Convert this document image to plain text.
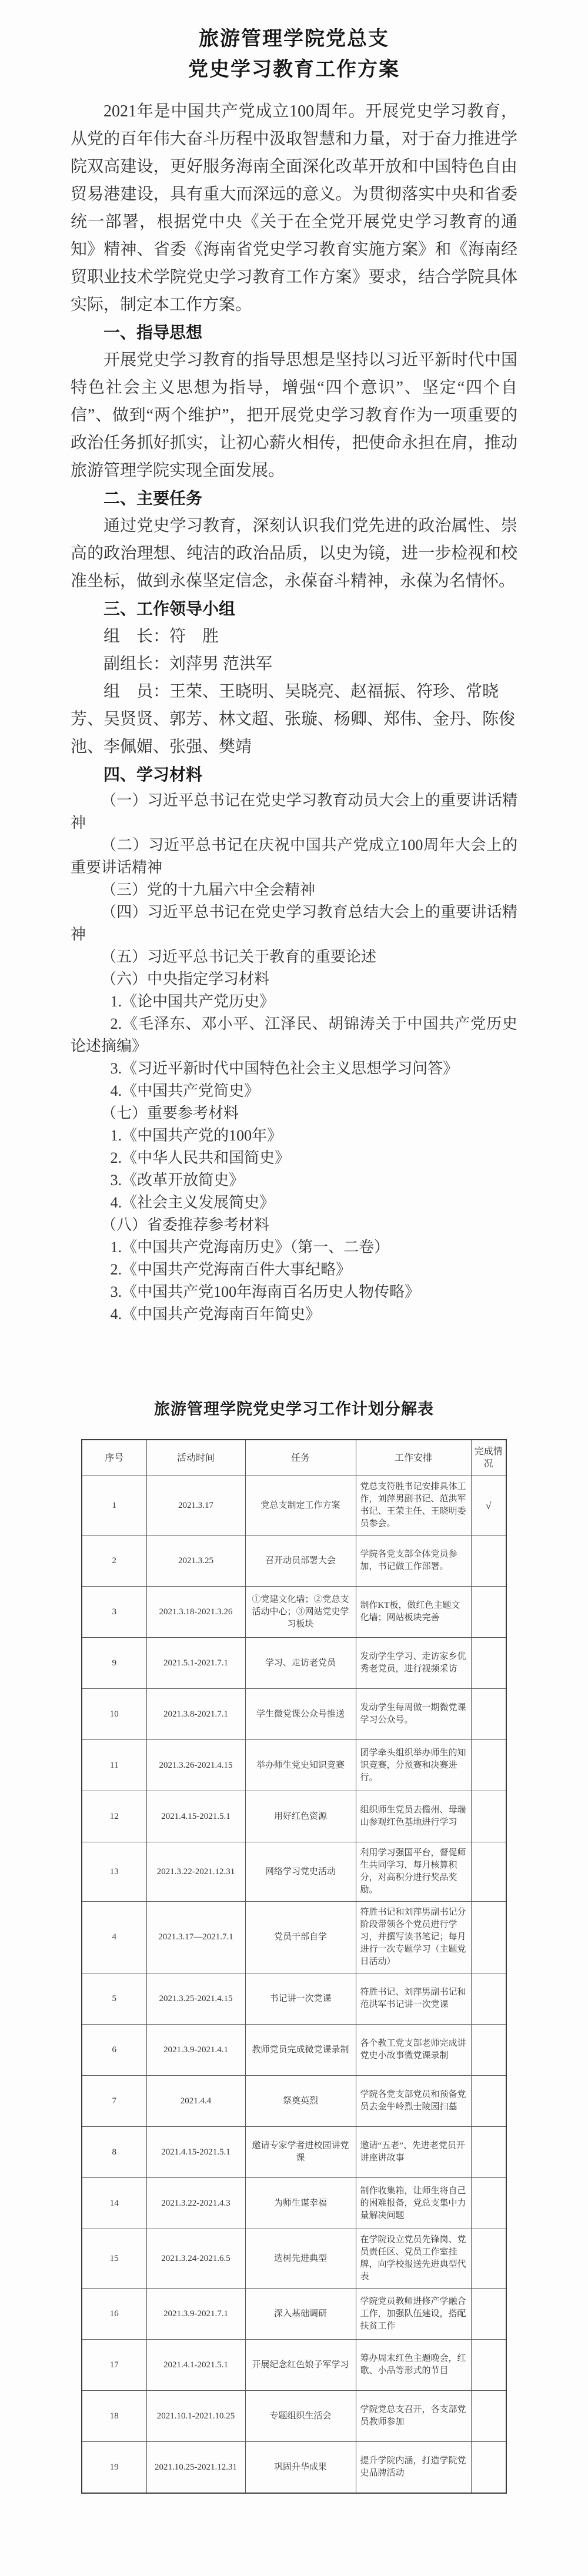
旅游管理学院党总支
党史学习教育工作方案

2021年是中国共产党成立100周年。开展党史学习教育，从党的百年伟大奋斗历程中汲取智慧和力量，对于奋力推进学院双高建设，更好服务海南全面深化改革开放和中国特色自由贸易港建设，具有重大而深远的意义。为贯彻落实中央和省委统一部署，根据党中央《关于在全党开展党史学习教育的通知》精神、省委《海南省党史学习教育实施方案》和《海南经贸职业技术学院党史学习教育工作方案》要求，结合学院具体实际，制定本工作方案。

一、指导思想

开展党史学习教育的指导思想是坚持以习近平新时代中国特色社会主义思想为指导，增强“四个意识”、坚定“四个自信”、做到“两个维护”，把开展党史学习教育作为一项重要的政治任务抓好抓实，让初心薪火相传，把使命永担在肩，推动旅游管理学院实现全面发展。

二、主要任务

通过党史学习教育，深刻认识我们党先进的政治属性、崇高的政治理想、纯洁的政治品质，以史为镜，进一步检视和校准坐标，做到永葆坚定信念，永葆奋斗精神，永葆为名情怀。

三、工作领导小组

组　长：符　胜

副组长：刘萍男 范洪军

组　员：王荣、王晓明、吴晓亮、赵福振、符珍、常晓芳、吴贤贤、郭芳、林文超、张璇、杨卿、郑伟、金丹、陈俊池、李佩媚、张强、樊靖

四、学习材料

（一）习近平总书记在党史学习教育动员大会上的重要讲话精神

（二）习近平总书记在庆祝中国共产党成立100周年大会上的重要讲话精神

（三）党的十九届六中全会精神

（四）习近平总书记在党史学习教育总结大会上的重要讲话精神

（五）习近平总书记关于教育的重要论述

（六）中央指定学习材料

1.《论中国共产党历史》

2.《毛泽东、邓小平、江泽民、胡锦涛关于中国共产党历史论述摘编》

3.《习近平新时代中国特色社会主义思想学习问答》

4.《中国共产党简史》

（七）重要参考材料

1.《中国共产党的100年》

2.《中华人民共和国简史》

3.《改革开放简史》

4.《社会主义发展简史》

（八）省委推荐参考材料

1.《中国共产党海南历史》（第一、二卷）

2.《中国共产党海南百件大事纪略》

3.《中国共产党100年海南百名历史人物传略》

4.《中国共产党海南百年简史》

旅游管理学院党史学习工作计划分解表
序号	活动时间	任务	工作安排	完成情况
1	2021.3.17	党总支制定工作方案	党总支符胜书记安排具体工作，刘萍男副书记、范洪军书记、王荣主任、王晓明委员参会。	√
2	2021.3.25	召开动员部署大会	学院各党支部全体党员参加，书记做工作部署。	
3	2021.3.18-2021.3.26	①党建文化墙；②党总支活动中心；③网站党史学习板块	制作KT板，做红色主题文化墙；网站板块完善	
9	2021.5.1-2021.7.1	学习、走访老党员	发动学生学习、走访家乡优秀老党员，进行视频采访	
10	2021.3.8-2021.7.1	学生微党课公众号推送	发动学生每周做一期微党课学习公众号。	
11	2021.3.26-2021.4.15	举办师生党史知识竞赛	团学牵头组织举办师生的知识竞赛，分预赛和决赛进行。	
12	2021.4.15-2021.5.1	用好红色资源	组织师生党员去儋州、母瑞山参观红色基地进行学习	
13	2021.3.22-2021.12.31	网络学习党史活动	利用学习强国平台，督促师生共同学习，每月核算积分，对高积分进行奖品奖励。	
4	2021.3.17—2021.7.1	党员干部自学	符胜书记和刘萍男副书记分阶段带领各个党员进行学习，并撰写读书笔记；每月进行一次专题学习（主题党日活动）	
5	2021.3.25-2021.4.15	书记讲一次党课	符胜书记、刘萍男副书记和范洪军书记讲一次党课	
6	2021.3.9-2021.4.1	教师党员完成微党课录制	各个教工党支部老师完成讲党史小故事微党课录制	
7	2021.4.4	祭奠英烈	学院各党支部党员和预备党员去金牛岭烈士陵园扫墓	
8	2021.4.15-2021.5.1	邀请专家学者进校园讲党课	邀请“五老”、先进老党员开讲座讲故事	
14	2021.3.22-2021.4.3	为师生谋幸福	制作收集箱，让师生将自己的困难报备，党总支集中力量解决问题	
15	2021.3.24-2021.6.5	选树先进典型	在学院设立党员先锋岗、党员责任区、党员工作室挂牌，向学校报送先进典型代表	
16	2021.3.9-2021.7.1	深入基础调研	学院党员教师进修产学融合工作，加强队伍建设，搭配扶贫工作	
17	2021.4.1-2021.5.1	开展纪念红色娘子军学习	筹办周末红色主题晚会，红歌、小品等形式的节目	
18	2021.10.1-2021.10.25	专题组织生活会	学院党总支召开，各支部党员教师参加	
19	2021.10.25-2021.12.31	巩固升华成果	提升学院内涵，打造学院党史品牌活动	
